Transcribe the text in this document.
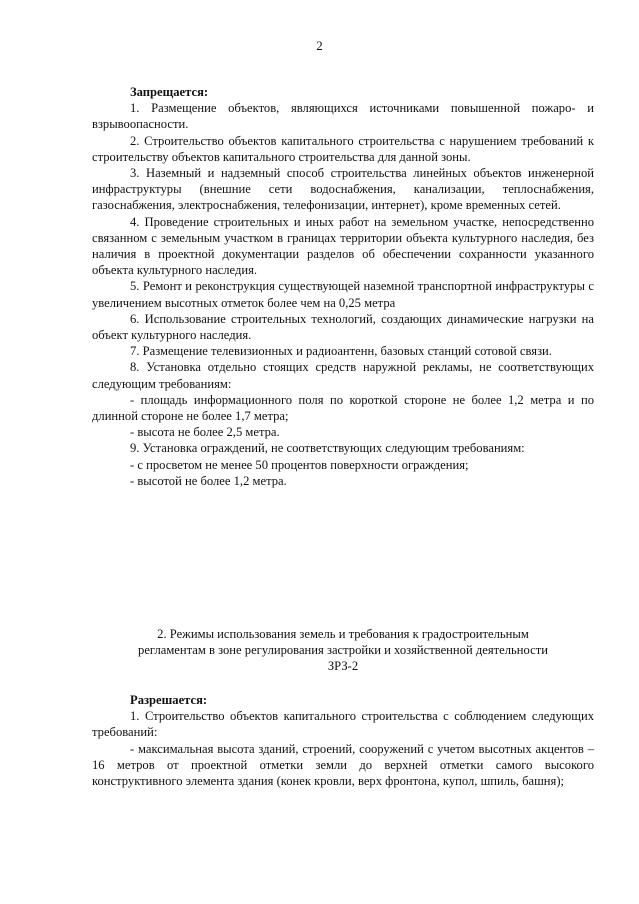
2

Запрещается:

1. Размещение объектов, являющихся источниками повышенной пожаро- и взрывоопасности.

2. Строительство объектов капитального строительства с нарушением требований к строительству объектов капитального строительства для данной зоны.

3. Наземный и надземный способ строительства линейных объектов инженерной инфраструктуры (внешние сети водоснабжения, канализации, теплоснабжения, газоснабжения, электроснабжения, телефонизации, интернет), кроме временных сетей.

4. Проведение строительных и иных работ на земельном участке, непосредственно связанном с земельным участком в границах территории объекта культурного наследия, без наличия в проектной документации разделов об обеспечении сохранности указанного объекта культурного наследия.

5. Ремонт и реконструкция существующей наземной транспортной инфраструктуры с увеличением высотных отметок более чем на 0,25 метра

6. Использование строительных технологий, создающих динамические нагрузки на объект культурного наследия.

7. Размещение телевизионных и радиоантенн, базовых станций сотовой связи.

8. Установка отдельно стоящих средств наружной рекламы, не соответствующих следующим требованиям:

- площадь информационного поля по короткой стороне не более 1,2 метра и по длинной стороне не более 1,7 метра;

- высота не более 2,5 метра.

9. Установка ограждений, не соответствующих следующим требованиям:

- с просветом не менее 50 процентов поверхности ограждения;

- высотой не более 1,2 метра.

2. Режимы использования земель и требования к градостроительным

регламентам в зоне регулирования застройки и хозяйственной деятельности

ЗРЗ-2

Разрешается:

1. Строительство объектов капитального строительства с соблюдением следующих требований:

- максимальная высота зданий, строений, сооружений с учетом высотных акцентов – 16 метров от проектной отметки земли до верхней отметки самого высокого конструктивного элемента здания (конек кровли, верх фронтона, купол, шпиль, башня);
